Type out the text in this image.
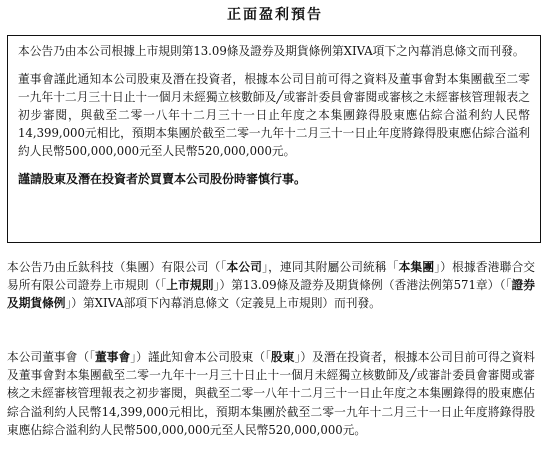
正面盈利預告

本公告乃由本公司根據上市規則第13.09條及證券及期貨條例第XIVA項下之內幕消息條文而刊發。

董事會謹此通知本公司股東及潛在投資者，根據本公司目前可得之資料及董事會對本集團截至二零一九年十二月三十日止十一個月未經獨立核數師及╱或審計委員會審閱或審核之未經審核管理報表之初步審閱，與截至二零一八年十二月三十一日止年度之本集團錄得股東應佔綜合溢利約人民幣14,399,000元相比，預期本集團於截至二零一九年十二月三十一日止年度將錄得股東應佔綜合溢利約人民幣500,000,000元至人民幣520,000,000元。

謹請股東及潛在投資者於買賣本公司股份時審慎行事。

本公告乃由丘鈦科技（集團）有限公司（「本公司」，連同其附屬公司統稱「本集團」）根據香港聯合交易所有限公司證券上市規則（「上市規則」）第13.09條及證券及期貨條例（香港法例第571章）（「證券及期貨條例」）第XIVA部項下內幕消息條文（定義見上市規則）而刊發。

本公司董事會（「董事會」）謹此知會本公司股東（「股東」）及潛在投資者，根據本公司目前可得之資料及董事會對本集團截至二零一九年十一月三十日止十一個月未經獨立核數師及╱或審計委員會審閱或審核之未經審核管理報表之初步審閱，與截至二零一八年十二月三十一日止年度之本集團錄得的股東應佔綜合溢利約人民幣14,399,000元相比，預期本集團於截至二零一九年十二月三十一日止年度將錄得股東應佔綜合溢利約人民幣500,000,000元至人民幣520,000,000元。
